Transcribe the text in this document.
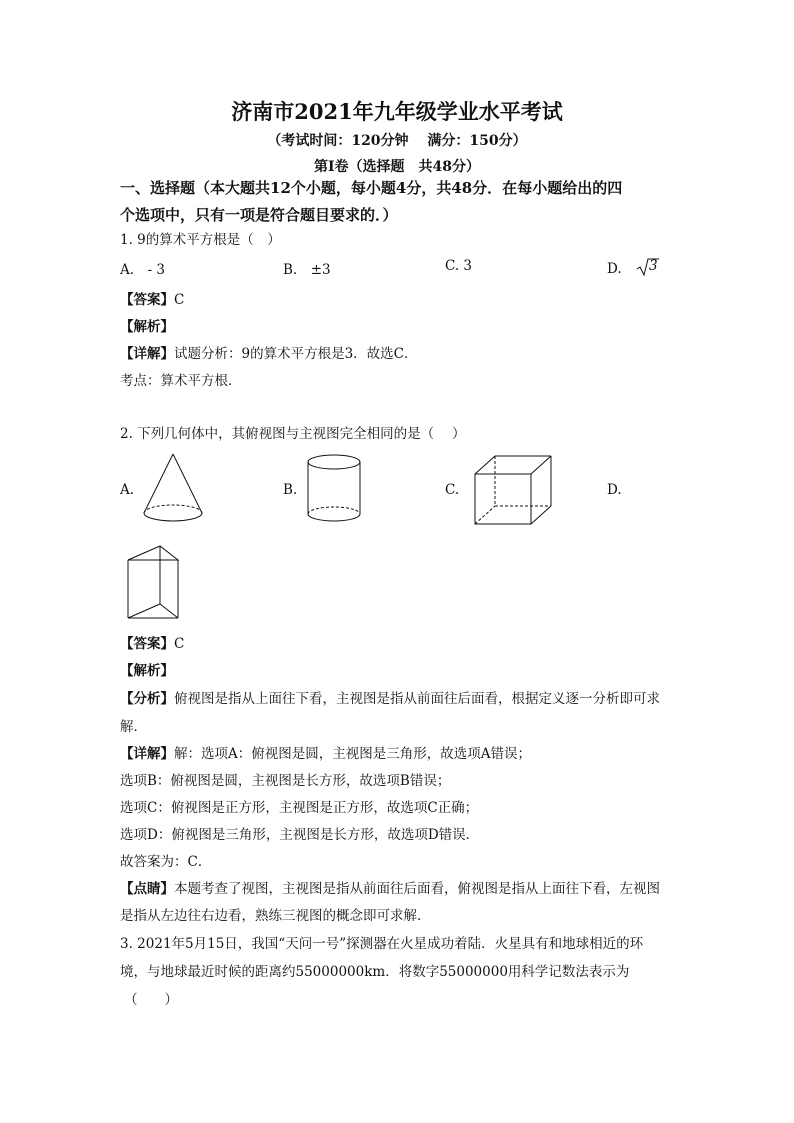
济南市2021年九年级学业水平考试
（考试时间：120分钟　 满分：150分）
第Ⅰ卷（选择题　共48分）
一、选择题（本大题共12个小题，每小题4分，共48分．在每小题给出的四
个选项中，只有一项是符合题目要求的．）
1. 9的算术平方根是（　）
A.　- 3	B.　±3	C. 3	D. 3
【答案】C
【解析】
【详解】试题分析：9的算术平方根是3．故选C．
考点：算术平方根．
2. 下列几何体中，其俯视图与主视图完全相同的是（　 ）
A.	B.	C.	D.
【答案】C
【解析】
【分析】俯视图是指从上面往下看，主视图是指从前面往后面看，根据定义逐一分析即可求
解．
【详解】解：选项A：俯视图是圆，主视图是三角形，故选项A错误；
选项B：俯视图是圆，主视图是长方形，故选项B错误；
选项C：俯视图是正方形，主视图是正方形，故选项C正确；
选项D：俯视图是三角形，主视图是长方形，故选项D错误．
故答案为：C．
【点睛】本题考查了视图，主视图是指从前面往后面看，俯视图是指从上面往下看，左视图
是指从左边往右边看，熟练三视图的概念即可求解．
3. 2021年5月15日，我国“天问一号”探测器在火星成功着陆．火星具有和地球相近的环
境，与地球最近时候的距离约55000000km．将数字55000000用科学记数法表示为
（　　）
